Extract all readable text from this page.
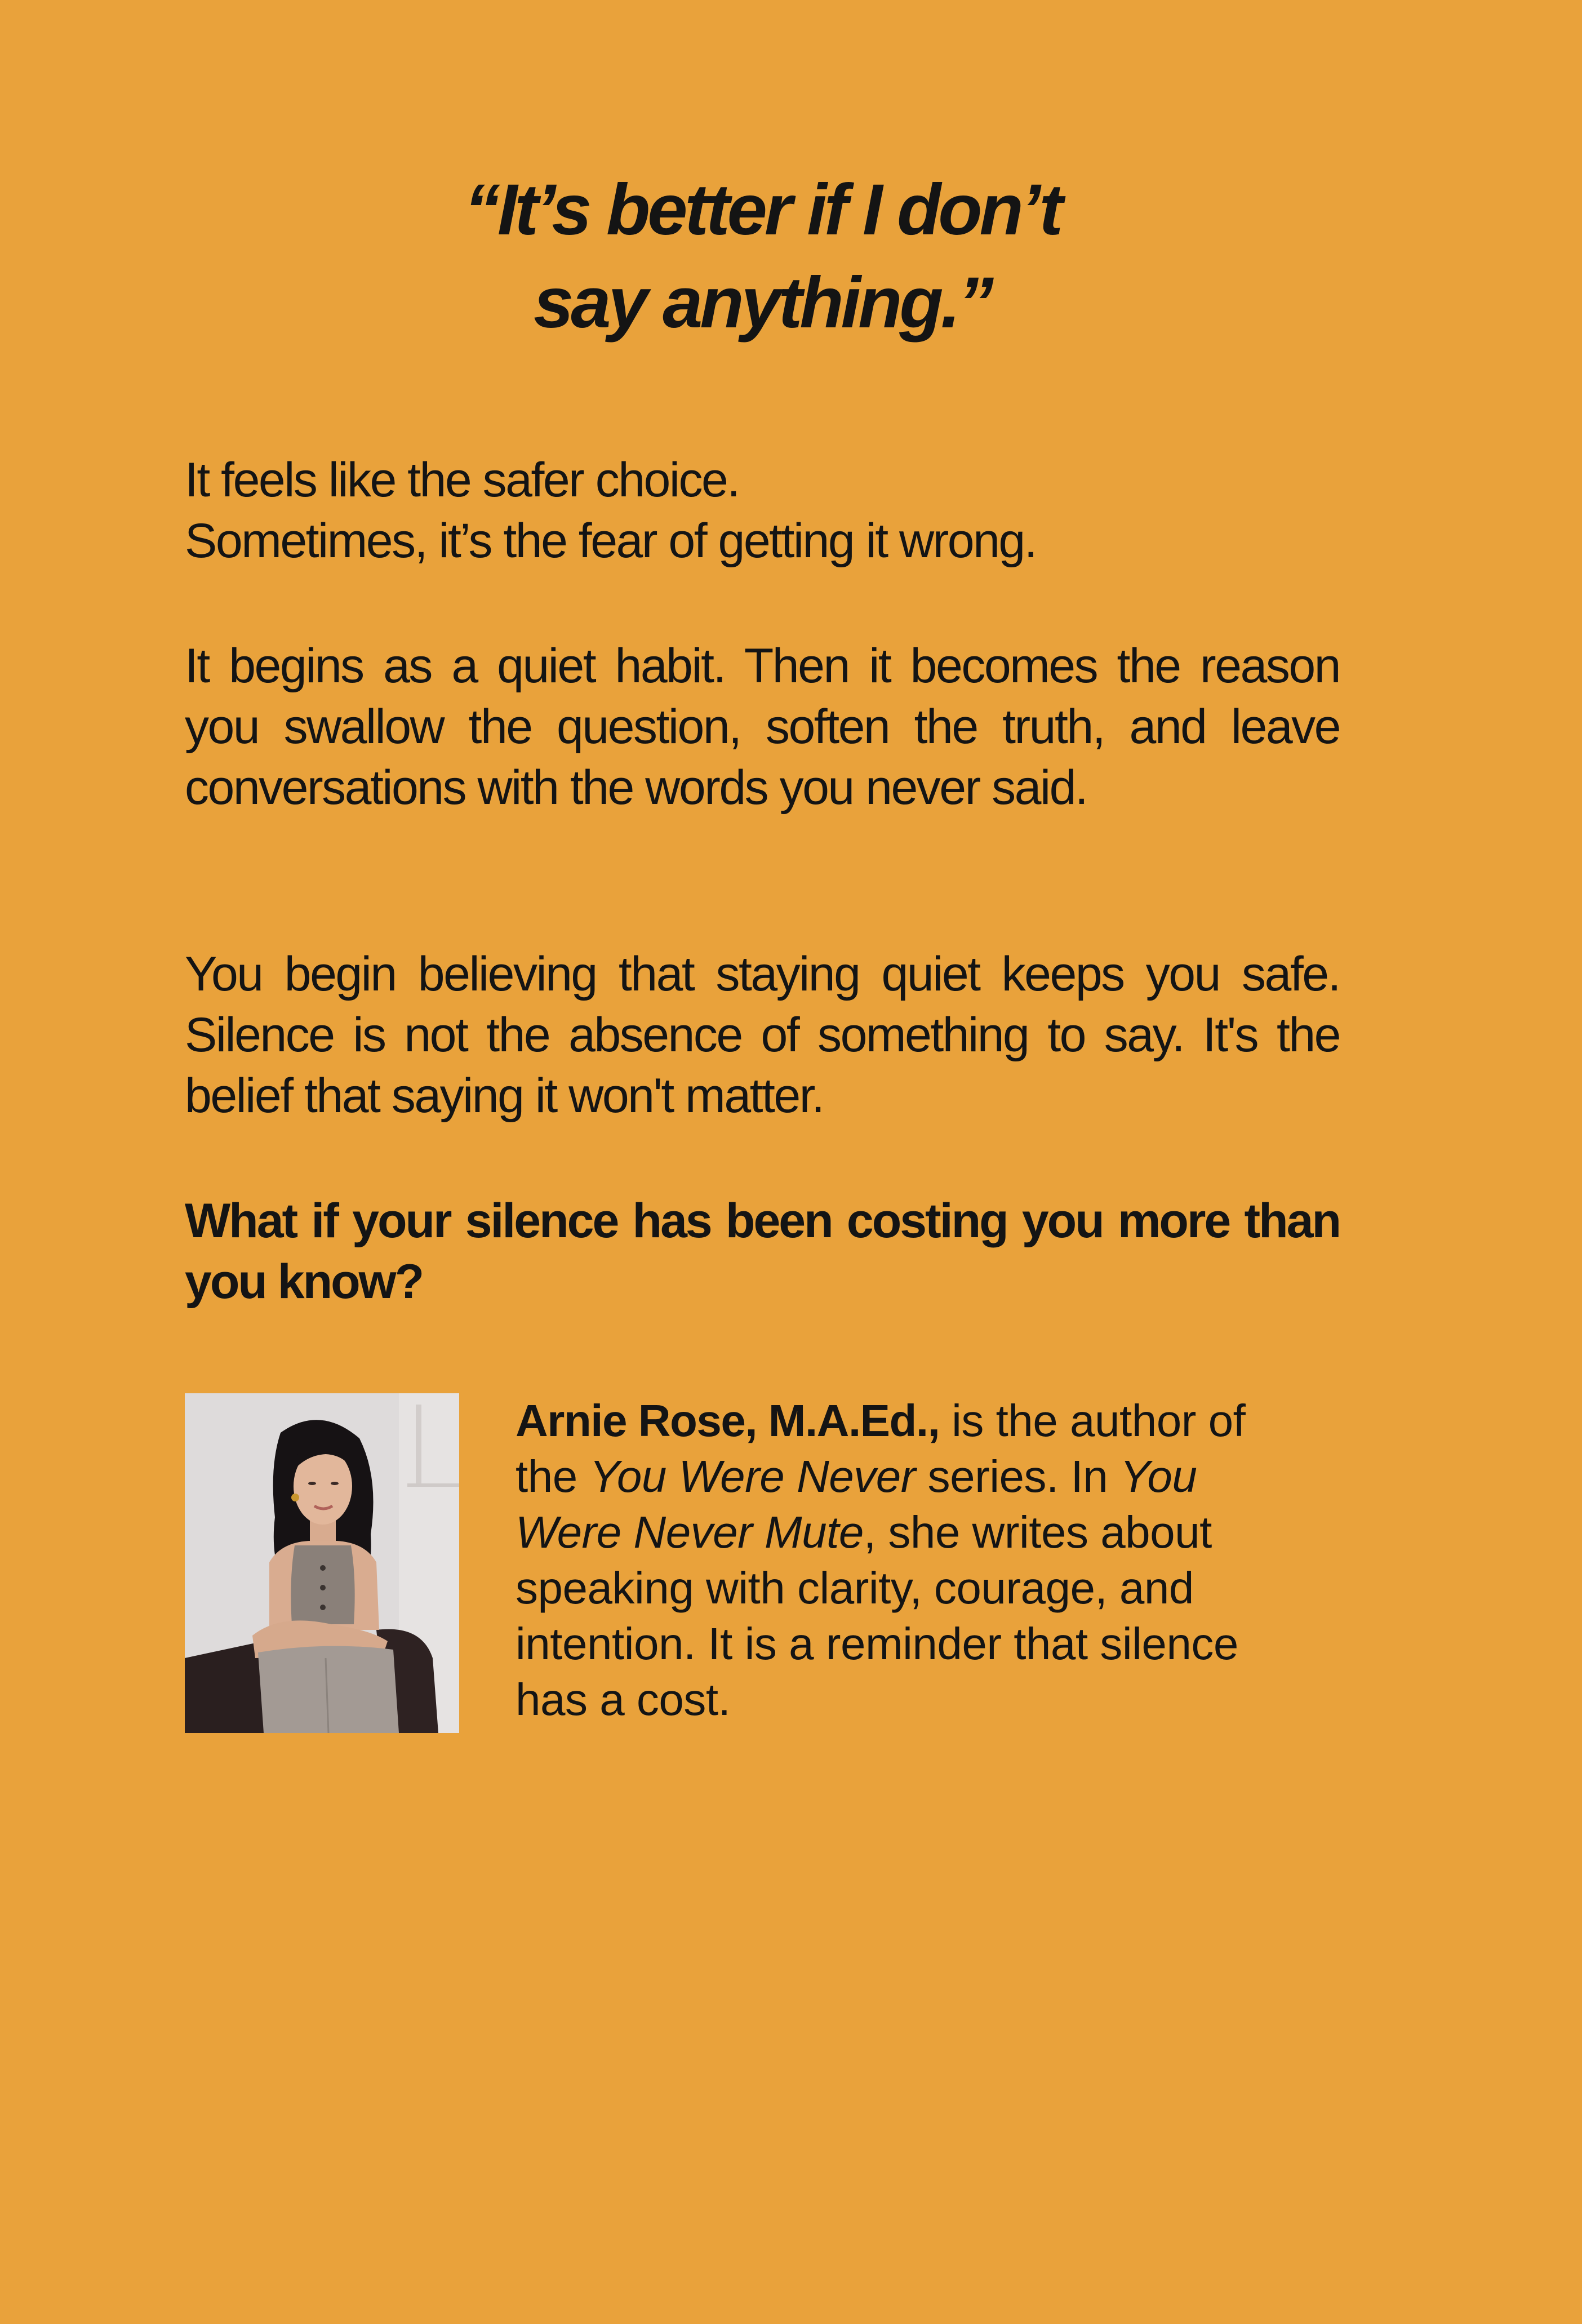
“It’s better if I don’t
say anything.”

It feels like the safer choice.
Sometimes, it’s the fear of getting it wrong.

It begins as a quiet habit. Then it becomes the reason you swallow the question, soften the truth, and leave conversations with the words you never said.

You begin believing that staying quiet keeps you safe. Silence is not the absence of something to say. It's the belief that saying it won't matter.

What if your silence has been costing you more than you know?

Arnie Rose, M.A.Ed., is the author of
the You Were Never series. In You
Were Never Mute, she writes about
speaking with clarity, courage, and
intention. It is a reminder that silence
has a cost.
